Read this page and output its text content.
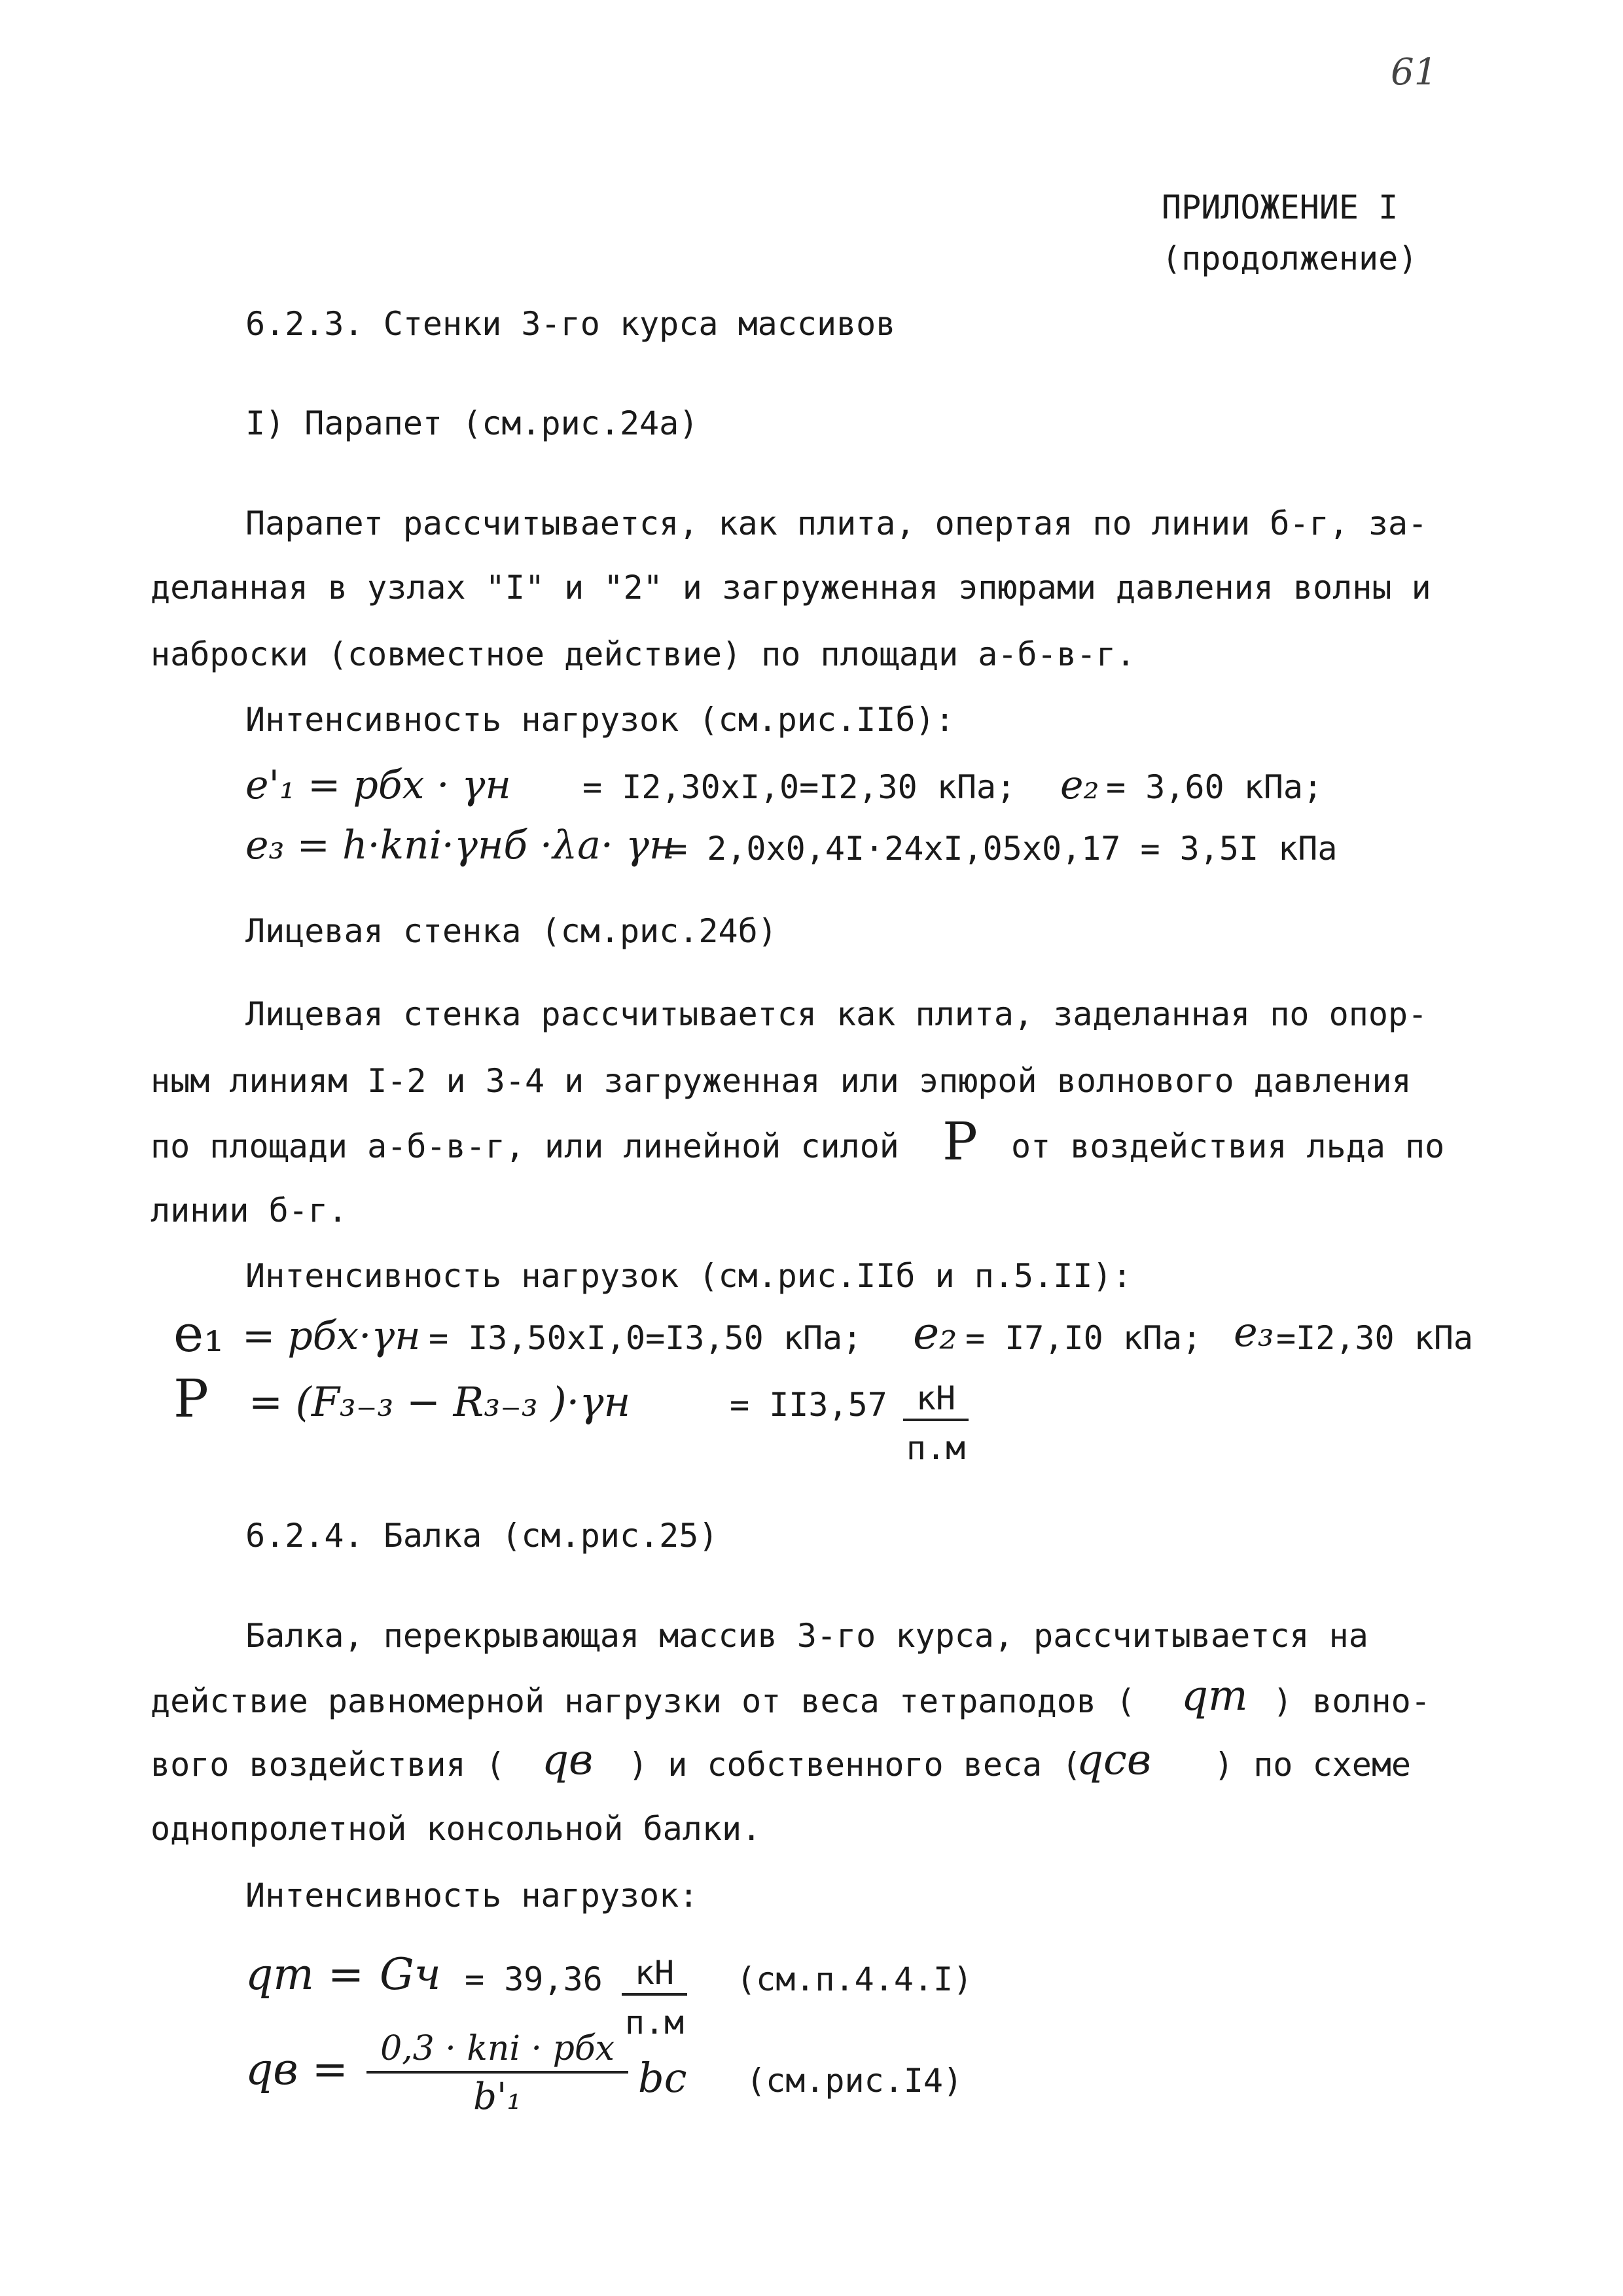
61
ПРИЛОЖЕНИЕ I
(продолжение)
6.2.3. Стенки 3-го курса массивов
I) Парапет (см.рис.24а)
Парапет рассчитывается, как плита, опертая по линии б-г, за-
деланная в узлах "I" и "2" и загруженная эпюрами давления волны и
наброски (совместное действие) по площади а-б-в-г.
Интенсивность нагрузок (см.рис.IIб):
e'₁ = pбх · γн = I2,30хI,0=I2,30 кПа; e₂ = 3,60 кПа;
e₃ = h·kпі·γнб ·λa· γн
= 2,0х0,4I·24хI,05х0,17 = 3,5I кПа
Лицевая стенка (см.рис.24б)
Лицевая стенка рассчитывается как плита, заделанная по опор-
ным линиям I-2 и 3-4 и загруженная или эпюрой волнового давления
по площади а-б-в-г, или линейной силой P от воздействия льда по
линии б-г.
Интенсивность нагрузок (см.рис.IIб и п.5.II):
e₁ = pбх·γн = I3,50хI,0=I3,50 кПа; e₂ = I7,I0 кПа; e₃ =I2,30 кПа
P = (F₃₋₃ − R₃₋₃ )·γн	= II3,57 кН
п.м
6.2.4. Балка (см.рис.25)
Балка, перекрывающая массив 3-го курса, рассчитывается на
действие равномерной нагрузки от веса тетраподов ( qт ) волно-
вого воздействия ( qв ) и собственного веса (
qсв ) по схеме
однопролетной консольной балки.
Интенсивность нагрузок:
qт = Gч = 39,36 кН
п.м
(см.п.4.4.I)
qв = 0,3 · kпі · pбх
b'₁	bс (см.рис.I4)
